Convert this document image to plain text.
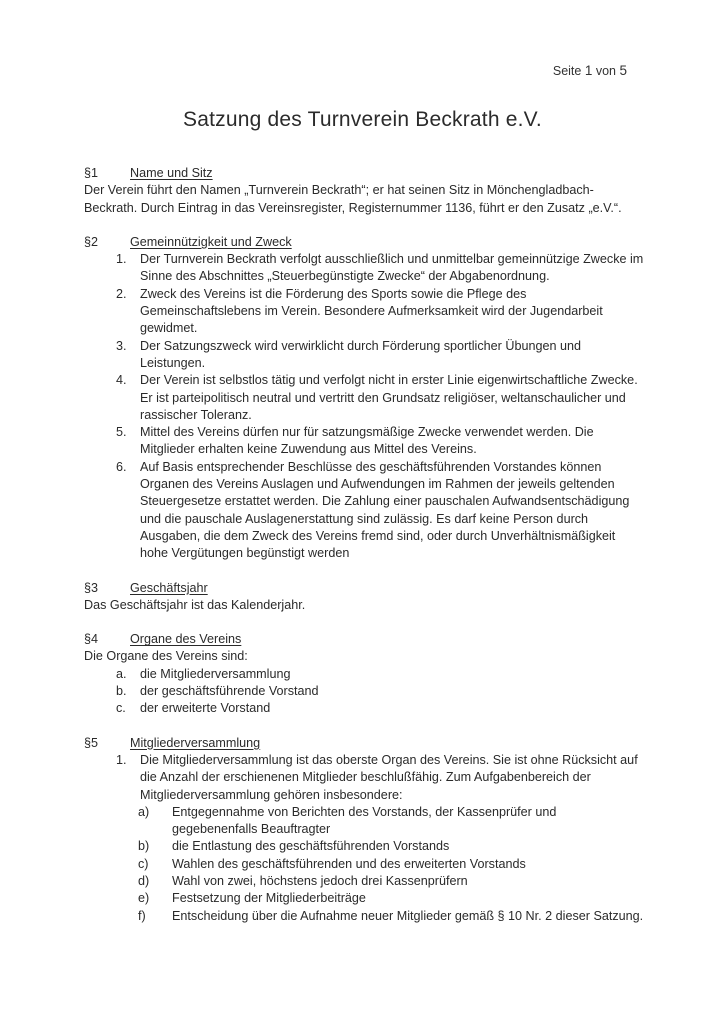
Seite 1 von 5
Satzung des Turnverein Beckrath e.V.
§1	Name und Sitz

Der Verein führt den Namen „Turnverein Beckrath“; er hat seinen Sitz in Mönchengladbach-Beckrath. Durch Eintrag in das Vereinsregister, Registernummer 1136, führt er den Zusatz „e.V.“.

§2	Gemeinnützigkeit und Zweck
1.	Der Turnverein Beckrath verfolgt ausschließlich und unmittelbar gemeinnützige Zwecke im Sinne des Abschnittes „Steuerbegünstigte Zwecke“ der Abgabenordnung.
2.	Zweck des Vereins ist die Förderung des Sports sowie die Pflege des Gemeinschaftslebens im Verein. Besondere Aufmerksamkeit wird der Jugendarbeit gewidmet.
3.	Der Satzungszweck wird verwirklicht durch Förderung sportlicher Übungen und Leistungen.
4.	Der Verein ist selbstlos tätig und verfolgt nicht in erster Linie eigenwirtschaftliche Zwecke. Er ist parteipolitisch neutral und vertritt den Grundsatz religiöser, weltanschaulicher und rassischer Toleranz.
5.	Mittel des Vereins dürfen nur für satzungsmäßige Zwecke verwendet werden. Die Mitglieder erhalten keine Zuwendung aus Mittel des Vereins.
6.	Auf Basis entsprechender Beschlüsse des geschäftsführenden Vorstandes können Organen des Vereins Auslagen und Aufwendungen im Rahmen der jeweils geltenden Steuergesetze erstattet werden. Die Zahlung einer pauschalen Aufwandsentschädigung und die pauschale Auslagenerstattung sind zulässig. Es darf keine Person durch Ausgaben, die dem Zweck des Vereins fremd sind, oder durch Unverhältnismäßigkeit hohe Vergütungen begünstigt werden
§3	Geschäftsjahr

Das Geschäftsjahr ist das Kalenderjahr.

§4	Organe des Vereins

Die Organe des Vereins sind:

a.	die Mitgliederversammlung
b.	der geschäftsführende Vorstand
c.	der erweiterte Vorstand
§5	Mitgliederversammlung
1.	Die Mitgliederversammlung ist das oberste Organ des Vereins. Sie ist ohne Rücksicht auf die Anzahl der erschienenen Mitglieder beschlußfähig. Zum Aufgabenbereich der Mitgliederversammlung gehören insbesondere:
a)	Entgegennahme von Berichten des Vorstands, der Kassenprüfer und gegebenenfalls Beauftragter
b)	die Entlastung des geschäftsführenden Vorstands
c)	Wahlen des geschäftsführenden und des erweiterten Vorstands
d)	Wahl von zwei, höchstens jedoch drei Kassenprüfern
e)	Festsetzung der Mitgliederbeiträge
f)	Entscheidung über die Aufnahme neuer Mitglieder gemäß § 10 Nr. 2 dieser Satzung.
